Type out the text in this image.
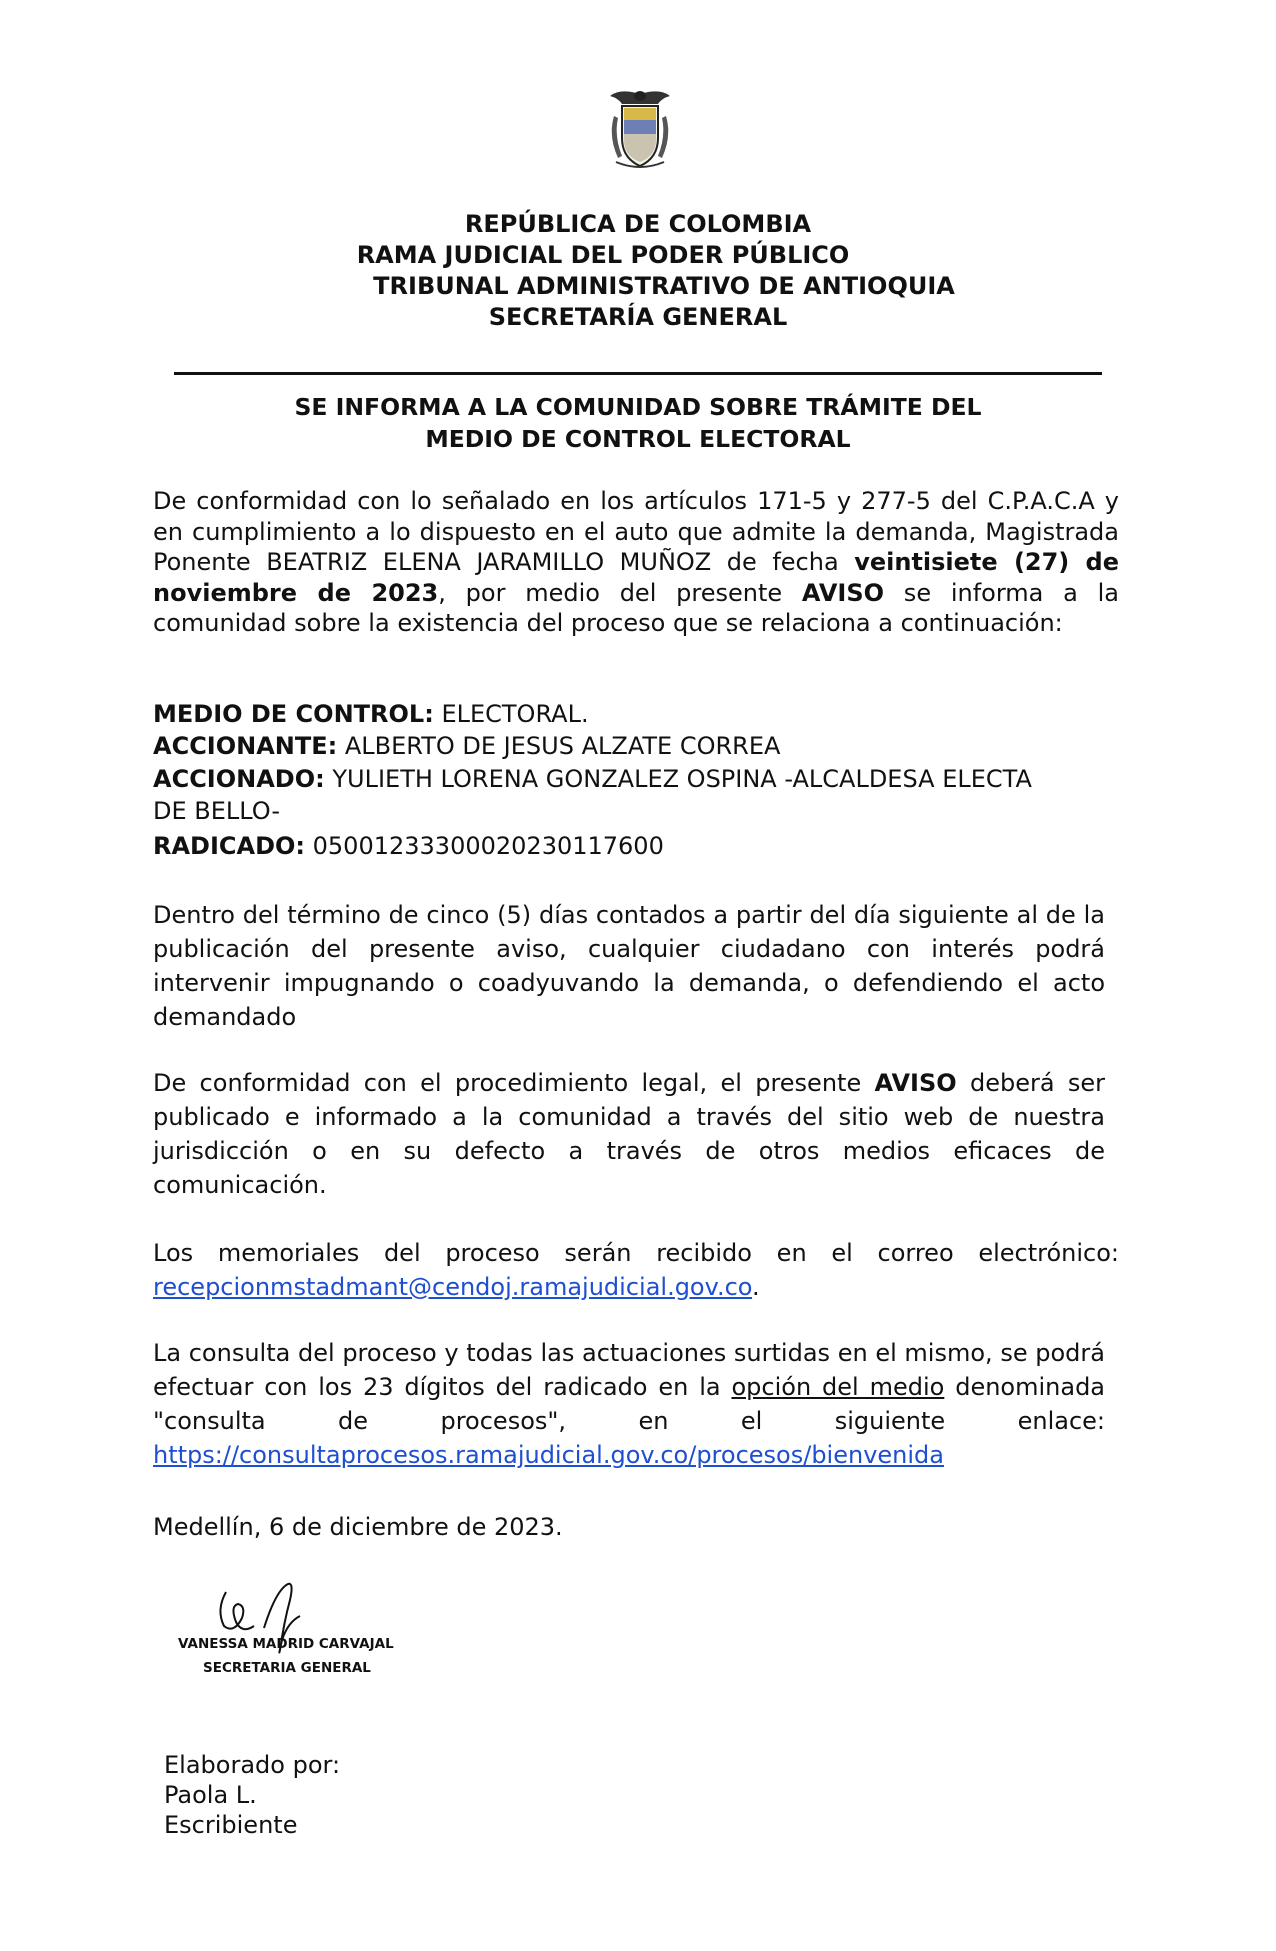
REPÚBLICA DE COLOMBIA
RAMA JUDICIAL DEL PODER PÚBLICO
TRIBUNAL ADMINISTRATIVO DE ANTIOQUIA
SECRETARÍA GENERAL
SE INFORMA A LA COMUNIDAD SOBRE TRÁMITE DEL
MEDIO DE CONTROL ELECTORAL
De conformidad con lo señalado en los artículos 171-5 y 277-5 del C.P.A.C.A y en cumplimiento a lo dispuesto en el auto que admite la demanda, Magistrada Ponente BEATRIZ ELENA JARAMILLO MUÑOZ de fecha veintisiete (27) de noviembre de 2023, por medio del presente AVISO se informa a la comunidad sobre la existencia del proceso que se relaciona a continuación:
MEDIO DE CONTROL: ELECTORAL.
ACCIONANTE: ALBERTO DE JESUS ALZATE CORREA
ACCIONADO: YULIETH LORENA GONZALEZ OSPINA -ALCALDESA ELECTA
DE BELLO-
RADICADO: 05001233300020230117600
Dentro del término de cinco (5) días contados a partir del día siguiente al de la publicación del presente aviso, cualquier ciudadano con interés podrá intervenir impugnando o coadyuvando la demanda, o defendiendo el acto demandado
De conformidad con el procedimiento legal, el presente AVISO deberá ser publicado e informado a la comunidad a través del sitio web de nuestra jurisdicción o en su defecto a través de otros medios eficaces de comunicación.
Los memoriales del proceso serán recibido en el correo electrónico: recepcionmstadmant@cendoj.ramajudicial.gov.co.
La consulta del proceso y todas las actuaciones surtidas en el mismo, se podrá efectuar con los 23 dígitos del radicado en la opción del medio denominada "consulta de procesos", en el siguiente enlace: https://consultaprocesos.ramajudicial.gov.co/procesos/bienvenida
Medellín, 6 de diciembre de 2023.
VANESSA MADRID CARVAJAL
SECRETARIA GENERAL
Elaborado por:
Paola L.
Escribiente
